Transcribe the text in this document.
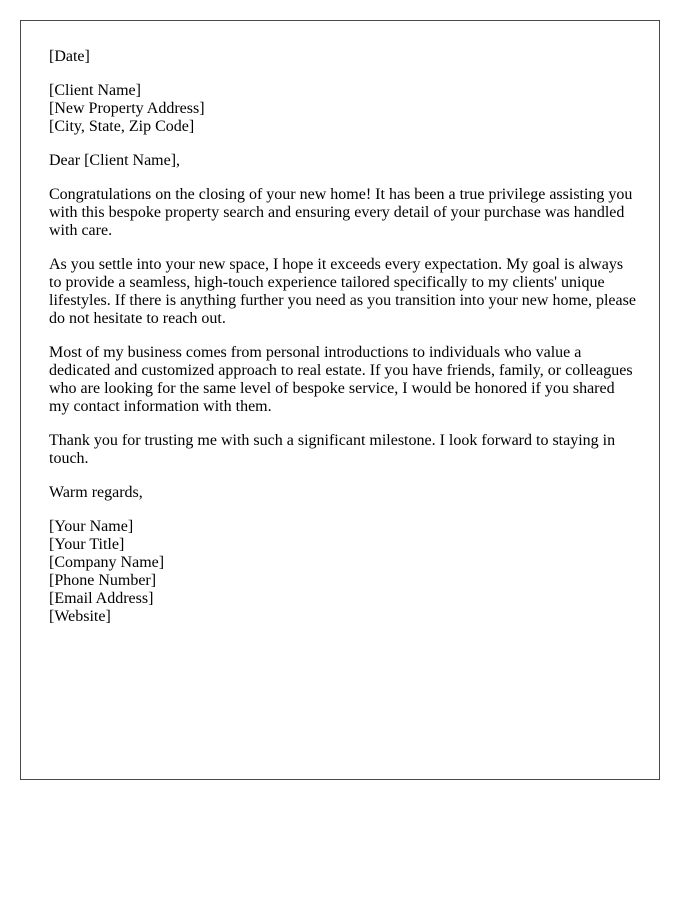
[Date]
[Client Name]
[New Property Address]
[City, State, Zip Code]
Dear [Client Name],

Congratulations on the closing of your new home! It has been a true privilege assisting you with this bespoke property search and ensuring every detail of your purchase was handled with care.

As you settle into your new space, I hope it exceeds every expectation. My goal is always to provide a seamless, high-touch experience tailored specifically to my clients' unique lifestyles. If there is anything further you need as you transition into your new home, please do not hesitate to reach out.

Most of my business comes from personal introductions to individuals who value a dedicated and customized approach to real estate. If you have friends, family, or colleagues who are looking for the same level of bespoke service, I would be honored if you shared my contact information with them.

Thank you for trusting me with such a significant milestone. I look forward to staying in touch.

Warm regards,
[Your Name]
[Your Title]
[Company Name]
[Phone Number]
[Email Address]
[Website]
